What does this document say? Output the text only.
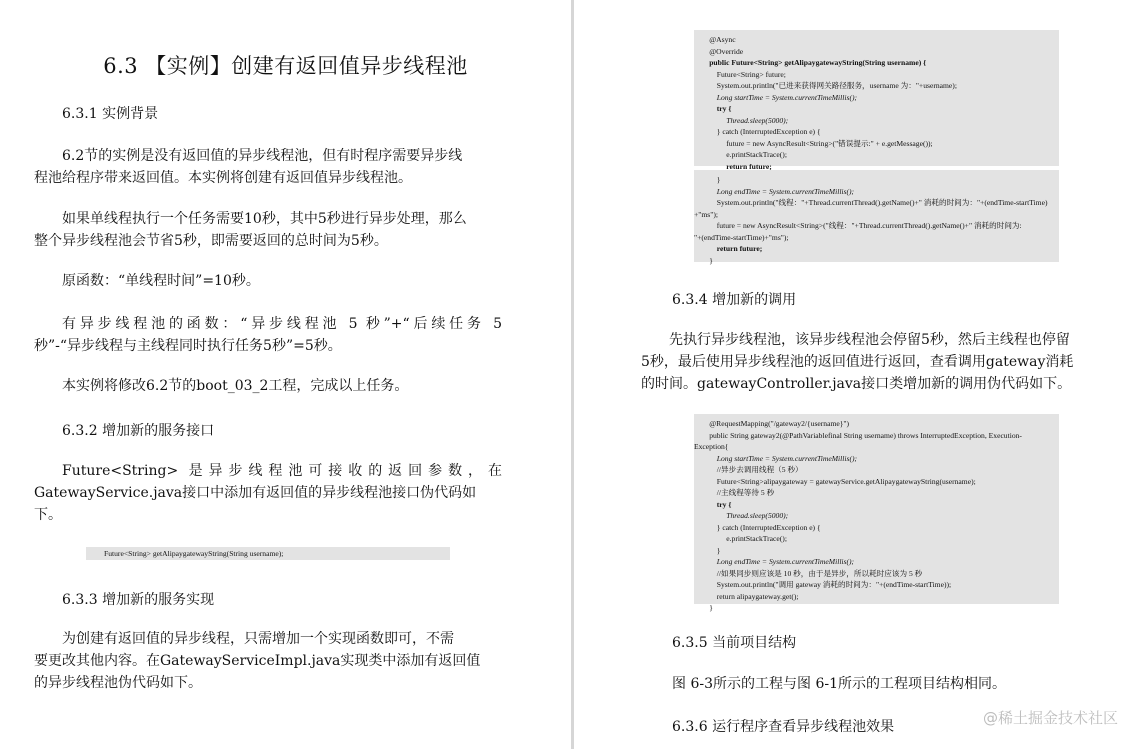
6.3 【实例】创建有返回值异步线程池
6.3.1 实例背景
6.2节的实例是没有返回值的异步线程池，但有时程序需要异步线
程池给程序带来返回值。本实例将创建有返回值异步线程池。
如果单线程执行一个任务需要10秒，其中5秒进行异步处理，那么
整个异步线程池会节省5秒，即需要返回的总时间为5秒。
原函数：“单线程时间”=10秒。
有异步线程池的函数：“异步线程池 5 秒”+“后续任务 5
秒”-“异步线程与主线程同时执行任务5秒”=5秒。
本实例将修改6.2节的boot_03_2工程，完成以上任务。
6.3.2 增加新的服务接口
Future<String> 是异步线程池可接收的返回参数，在
GatewayService.java接口中添加有返回值的异步线程池接口伪代码如
下。
Future<String> getAlipaygatewayString(String username);
6.3.3 增加新的服务实现
为创建有返回值的异步线程，只需增加一个实现函数即可，不需
要更改其他内容。在GatewayServiceImpl.java实现类中添加有返回值
的异步线程池伪代码如下。
@Async
@Override
public Future<String> getAlipaygatewayString(String username) {
Future<String> future;
System.out.println("已进来获得网关路径服务，username 为："+username);
Long startTime = System.currentTimeMillis();
try {
Thread.sleep(5000);
} catch (InterruptedException e) {
future = new AsyncResult<String>("错误提示:" + e.getMessage());
e.printStackTrace();
return future;
}
Long endTime = System.currentTimeMillis();
System.out.println("线程："+Thread.currentThread().getName()+" 消耗的时间为："+(endTime-startTime)
+"ms");
future = new AsyncResult<String>("线程："+Thread.currentThread().getName()+" 消耗的时间为:
"+(endTime-startTime)+"ms");
return future;
}
6.3.4 增加新的调用
先执行异步线程池，该异步线程池会停留5秒，然后主线程也停留
5秒，最后使用异步线程池的返回值进行返回，查看调用gateway消耗
的时间。gatewayController.java接口类增加新的调用伪代码如下。
@RequestMapping("/gateway2/{username}")
public String gateway2(@PathVariablefinal String username) throws InterruptedException, Execution-
Exception{
Long startTime = System.currentTimeMillis();
//异步去调用线程（5 秒）
Future<String>alipaygateway = gatewayService.getAlipaygatewayString(username);
//主线程等待 5 秒
try {
Thread.sleep(5000);
} catch (InterruptedException e) {
e.printStackTrace();
}
Long endTime = System.currentTimeMillis();
//如果同步则应该是 10 秒，由于是异步，所以耗时应该为 5 秒
System.out.println("调用 gateway 消耗的时间为："+(endTime-startTime));
return alipaygateway.get();
}
6.3.5 当前项目结构
图 6-3所示的工程与图 6-1所示的工程项目结构相同。
6.3.6 运行程序查看异步线程池效果	@稀土掘金技术社区
